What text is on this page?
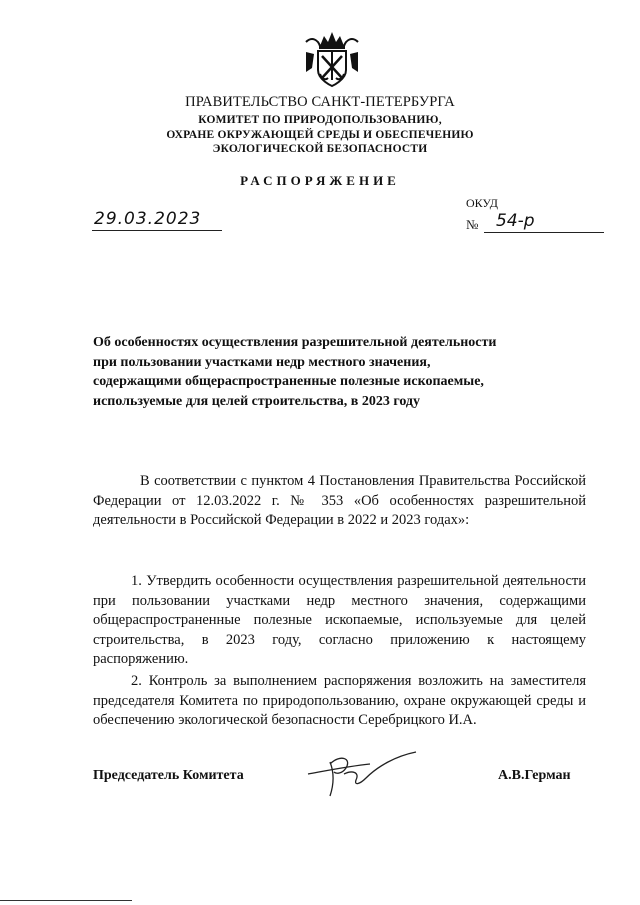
ПРАВИТЕЛЬСТВО САНКТ-ПЕТЕРБУРГА
КОМИТЕТ ПО ПРИРОДОПОЛЬЗОВАНИЮ,
ОХРАНЕ ОКРУЖАЮЩЕЙ СРЕДЫ И ОБЕСПЕЧЕНИЮ
ЭКОЛОГИЧЕСКОЙ БЕЗОПАСНОСТИ
РАСПОРЯЖЕНИЕ
29.03.2023
ОКУД
№	54-р
Об особенностях осуществления разрешительной деятельности при пользовании участками недр местного значения, содержащими общераспространенные полезные ископаемые, используемые для целей строительства, в 2023 году
В соответствии с пунктом 4 Постановления Правительства Российской Федерации от 12.03.2022 г. № 353 «Об особенностях разрешительной деятельности в Российской Федерации в 2022 и 2023 годах»:
1. Утвердить особенности осуществления разрешительной деятельности при пользовании участками недр местного значения, содержащими общераспространенные полезные ископаемые, используемые для целей строительства, в 2023 году, согласно приложению к настоящему распоряжению.
2. Контроль за выполнением распоряжения возложить на заместителя председателя Комитета по природопользованию, охране окружающей среды и обеспечению экологической безопасности Серебрицкого И.А.
Председатель Комитета	А.В.Герман
